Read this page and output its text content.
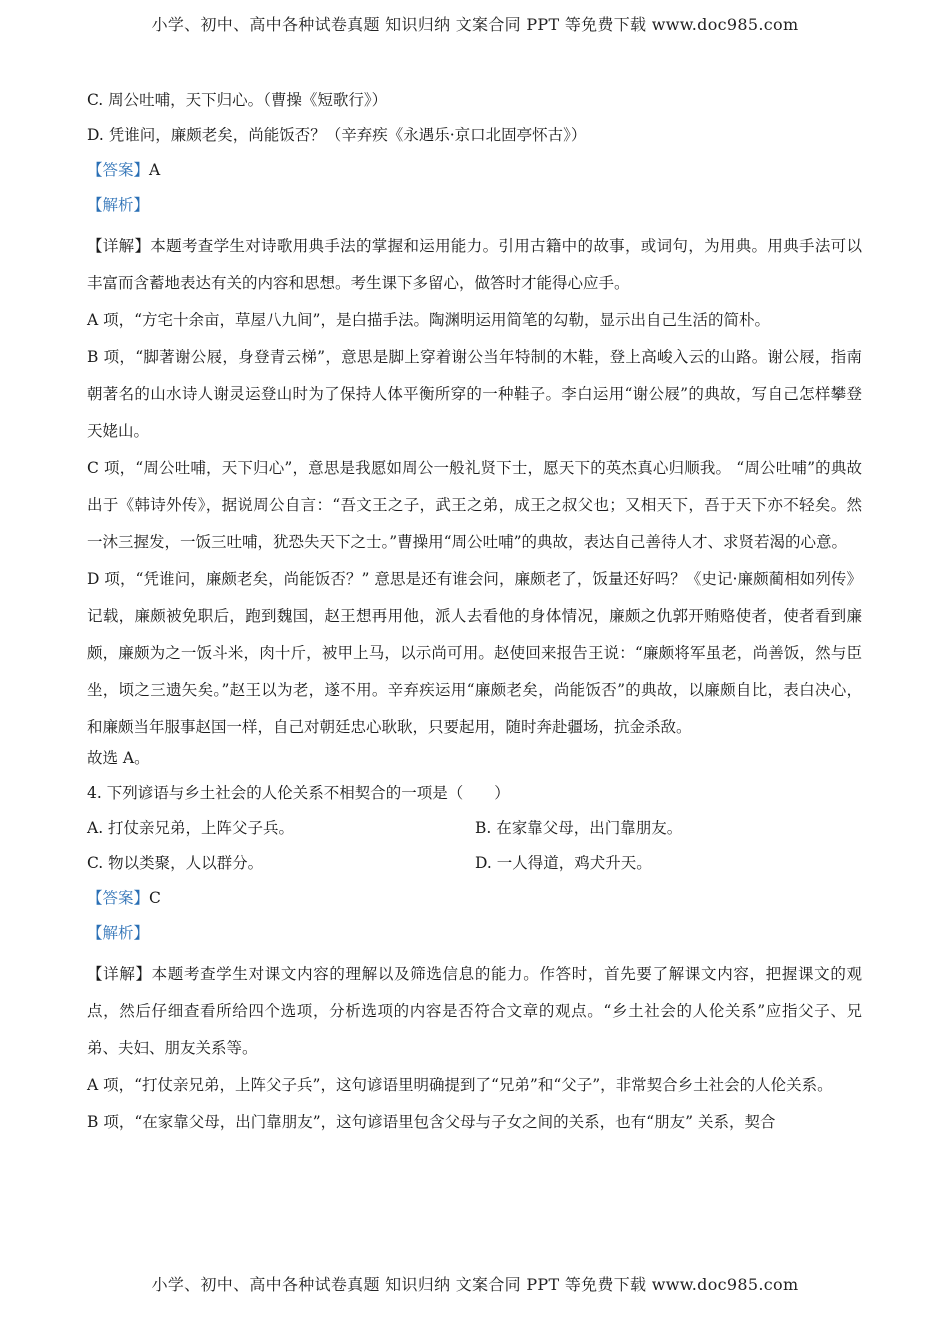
小学、初中、高中各种试卷真题 知识归纳 文案合同 PPT 等免费下载 www.doc985.com
C. 周公吐哺，天下归心。（曹操《短歌行》）
D. 凭谁问，廉颇老矣，尚能饭否？（辛弃疾《永遇乐·京口北固亭怀古》）
【答案】A
【解析】
【详解】本题考查学生对诗歌用典手法的掌握和运用能力。引用古籍中的故事，或词句，为用典。用典手法可以丰富而含蓄地表达有关的内容和思想。考生课下多留心，做答时才能得心应手。
A 项，“方宅十余亩，草屋八九间”，是白描手法。陶渊明运用简笔的勾勒，显示出自己生活的简朴。
B 项，“脚著谢公屐，身登青云梯”，意思是脚上穿着谢公当年特制的木鞋，登上高峻入云的山路。谢公屐，指南朝著名的山水诗人谢灵运登山时为了保持人体平衡所穿的一种鞋子。李白运用“谢公屐”的典故，写自己怎样攀登天姥山。
C 项，“周公吐哺，天下归心”，意思是我愿如周公一般礼贤下士，愿天下的英杰真心归顺我。 “周公吐哺”的典故出于《韩诗外传》，据说周公自言：“吾文王之子，武王之弟，成王之叔父也；又相天下，吾于天下亦不轻矣。然一沐三握发，一饭三吐哺，犹恐失天下之士。”曹操用“周公吐哺”的典故，表达自己善待人才、求贤若渴的心意。
D 项，“凭谁问，廉颇老矣，尚能饭否？” 意思是还有谁会问，廉颇老了，饭量还好吗？《史记·廉颇蔺相如列传》记载，廉颇被免职后，跑到魏国，赵王想再用他，派人去看他的身体情况，廉颇之仇郭开贿赂使者，使者看到廉颇，廉颇为之一饭斗米，肉十斤，被甲上马，以示尚可用。赵使回来报告王说：“廉颇将军虽老，尚善饭，然与臣坐，顷之三遗矢矣。”赵王以为老，遂不用。辛弃疾运用“廉颇老矣，尚能饭否”的典故，以廉颇自比，表白决心，和廉颇当年服事赵国一样，自己对朝廷忠心耿耿，只要起用，随时奔赴疆场，抗金杀敌。
故选 A。
4. 下列谚语与乡土社会的人伦关系不相契合的一项是（　　）
A. 打仗亲兄弟，上阵父子兵。	B. 在家靠父母，出门靠朋友。
C. 物以类聚，人以群分。	D. 一人得道，鸡犬升天。
【答案】C
【解析】
【详解】本题考查学生对课文内容的理解以及筛选信息的能力。作答时，首先要了解课文内容，把握课文的观点，然后仔细查看所给四个选项，分析选项的内容是否符合文章的观点。“乡土社会的人伦关系”应指父子、兄弟、夫妇、朋友关系等。
A 项，“打仗亲兄弟，上阵父子兵”，这句谚语里明确提到了“兄弟”和“父子”，非常契合乡土社会的人伦关系。
B 项，“在家靠父母，出门靠朋友”，这句谚语里包含父母与子女之间的关系，也有“朋友” 关系，契合
小学、初中、高中各种试卷真题 知识归纳 文案合同 PPT 等免费下载 www.doc985.com
